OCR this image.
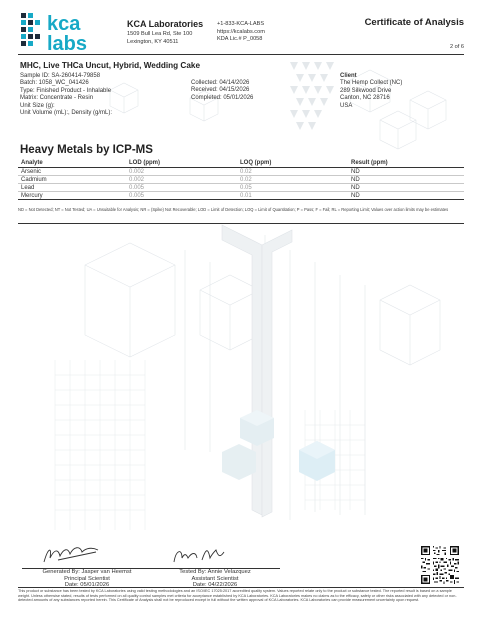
kca
labs
KCA Laboratories
1509 Bull Lea Rd, Ste 100
Lexington, KY 40511
+1-833-KCA-LABS
https://kcalabs.com
KDA Lic.# P_0058
Certificate of Analysis
2 of 6
MHC, Live THCa Uncut, Hybrid, Wedding Cake
Sample ID: SA-260414-79858
Batch: 1058_WC_041426
Type: Finished Product - Inhalable
Matrix: Concentrate - Resin
Unit Size (g):
Unit Volume (mL):, Density (g/mL):
Collected: 04/14/2026
Received: 04/15/2026
Completed: 05/01/2026
Client
The Hemp Collect (NC)
289 Silkwood Drive
Canton, NC 28716
USA
Heavy Metals by ICP-MS
Analyte	LOD (ppm)	LOQ (ppm)	Result (ppm)
Arsenic	0.002	0.02	ND
Cadmium	0.002	0.02	ND
Lead	0.005	0.05	ND
Mercury	0.005	0.01	ND
ND = Not Detected; NT = Not Tested; UA = Unsuitable for Analysis; NR = (Spike) Not Recoverable; LOD = Limit of Detection; LOQ = Limit of Quantitation; P = Pass; F = Fail; RL = Reporting Limit; Values over action limits may be estimates
Generated By: Jasper van Heemst
Principal Scientist
Date: 05/01/2026
Tested By: Annie Velazquez
Assistant Scientist
Date: 04/22/2026
This product or substance has been tested by KCA Laboratories using valid testing methodologies and an ISO/IEC 17025:2017 accredited quality system. Values reported relate only to the product or substance tested. The reported result is based on a sample weight. Unless otherwise stated, results of tests performed on all quality control samples met criteria for acceptance established by KCA Laboratories. KCA Laboratories makes no claims as to the efficacy, safety or other risks associated with any detected or non-detected amounts of any substances reported herein. This Certificate of Analysis shall not be reproduced except in full without the written approval of KCA Laboratories. KCA Laboratories can provide measurement uncertainty upon request.
